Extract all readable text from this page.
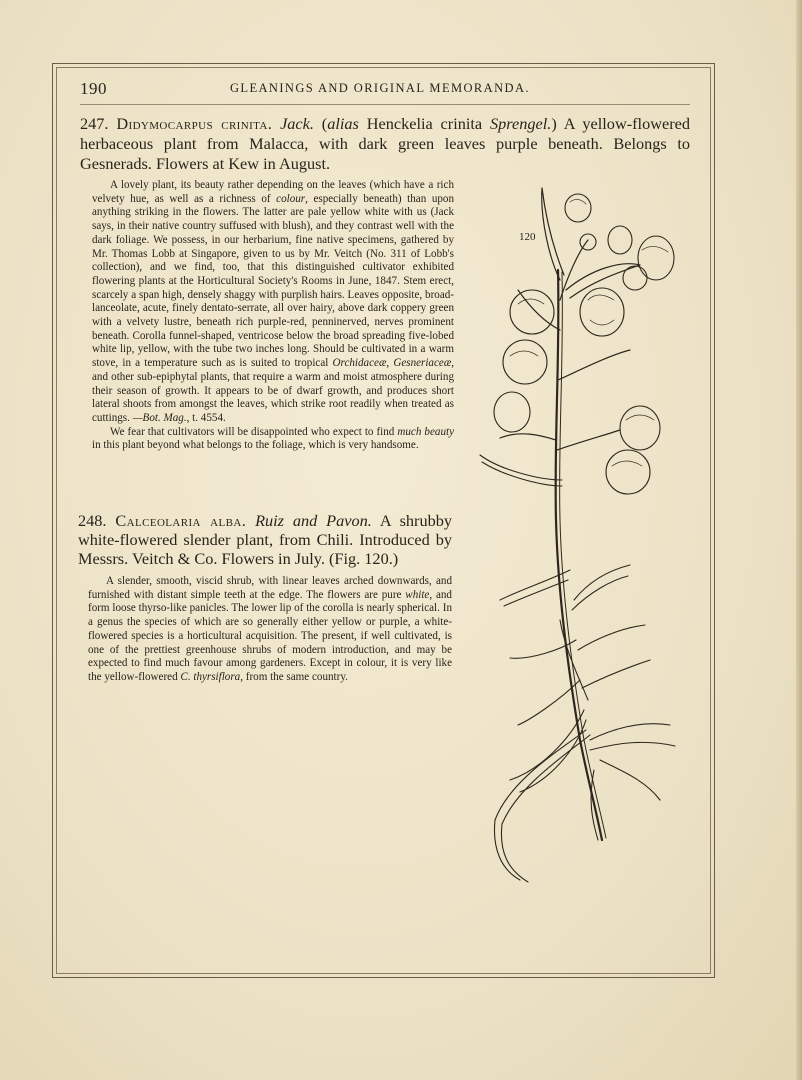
190	GLEANINGS AND ORIGINAL MEMORANDA.
247. Didymocarpus crinita. Jack. (alias Henckelia crinita Sprengel.) A yellow-flowered herbaceous plant from Malacca, with dark green leaves purple beneath. Belongs to Gesnerads. Flowers at Kew in August.

A lovely plant, its beauty rather depending on the leaves (which have a rich velvety hue, as well as a richness of colour, especially beneath) than upon anything striking in the flowers. The latter are pale yellow white with us (Jack says, in their native country suffused with blush), and they contrast well with the dark foliage. We possess, in our herbarium, fine native specimens, gathered by Mr. Thomas Lobb at Singapore, given to us by Mr. Veitch (No. 311 of Lobb's collection), and we find, too, that this distinguished cultivator exhibited flowering plants at the Horticultural Society's Rooms in June, 1847. Stem erect, scarcely a span high, densely shaggy with purplish hairs. Leaves opposite, broad-lanceolate, acute, finely dentato-serrate, all over hairy, above dark coppery green with a velvety lustre, beneath rich purple-red, penninerved, nerves prominent beneath. Corolla funnel-shaped, ventricose below the broad spreading five-lobed white lip, yellow, with the tube two inches long. Should be cultivated in a warm stove, in a temperature such as is suited to tropical Orchidaceæ, Gesneriaceæ, and other sub-epiphytal plants, that require a warm and moist atmosphere during their season of growth. It appears to be of dwarf growth, and produces short lateral shoots from amongst the leaves, which strike root readily when treated as cuttings. —Bot. Mag., t. 4554.

We fear that cultivators will be disappointed who expect to find much beauty in this plant beyond what belongs to the foliage, which is very handsome.

248. Calceolaria alba. Ruiz and Pavon. A shrubby white-flowered slender plant, from Chili. Introduced by Messrs. Veitch & Co. Flowers in July. (Fig. 120.)

A slender, smooth, viscid shrub, with linear leaves arched downwards, and furnished with distant simple teeth at the edge. The flowers are pure white, and form loose thyrso-like panicles. The lower lip of the corolla is nearly spherical. In a genus the species of which are so generally either yellow or purple, a white-flowered species is a horticultural acquisition. The present, if well cultivated, is one of the prettiest greenhouse shrubs of modern introduction, and may be expected to find much favour among gardeners. Except in colour, it is very like the yellow-flowered C. thyrsiflora, from the same country.

120
